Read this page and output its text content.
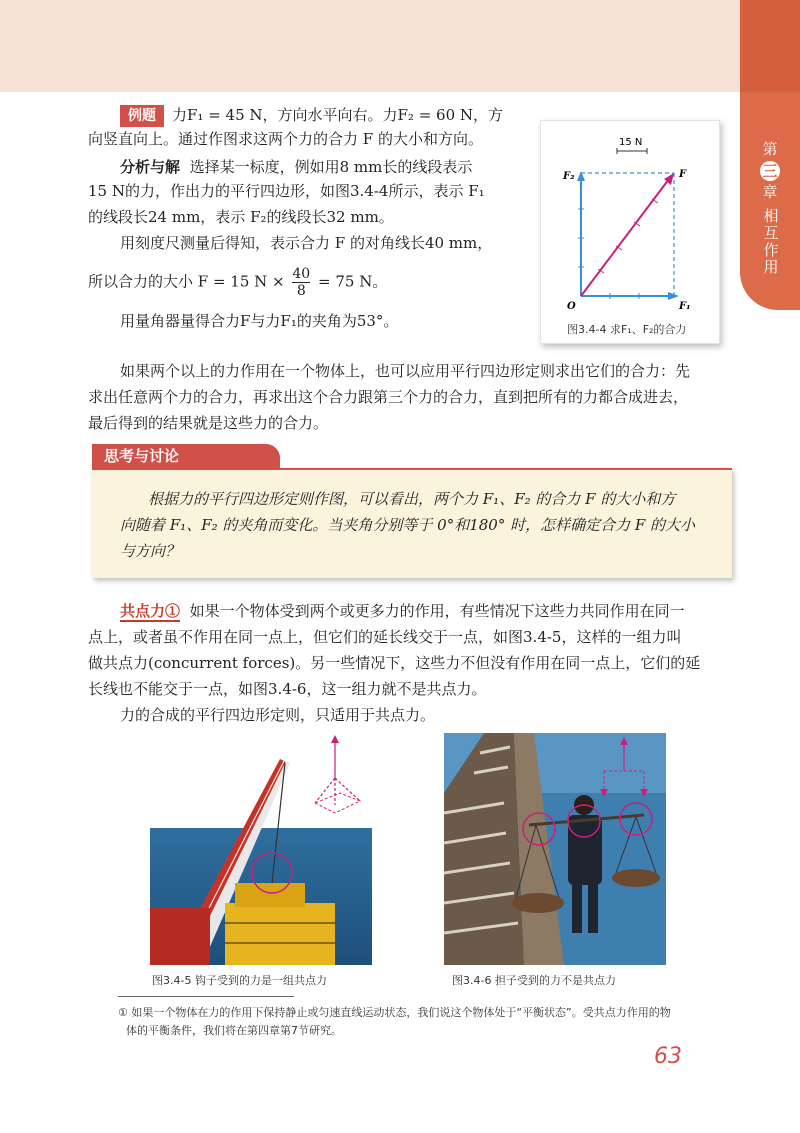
第
三
章
相互作用
例题 力F₁ = 45 N，方向水平向右。力F₂ = 60 N，方
向竖直向上。通过作图求这两个力的合力 F 的大小和方向。
分析与解 选择某一标度，例如用8 mm长的线段表示
15 N的力，作出力的平行四边形，如图3.4-4所示，表示 F₁
的线段长24 mm，表示 F₂的线段长32 mm。
用刻度尺测量后得知，表示合力 F 的对角线长40 mm，
所以合力的大小 F = 15 $N \times \frac{40}{8} = 75$ N。
用量角器量得合力F与力F₁的夹角为53°。
15 N
F₂	F
O	F₁
图3.4-4 求F₁、F₂的合力
如果两个以上的力作用在一个物体上，也可以应用平行四边形定则求出它们的合力：先
求出任意两个力的合力，再求出这个合力跟第三个力的合力，直到把所有的力都合成进去，
最后得到的结果就是这些力的合力。
思考与讨论
根据力的平行四边形定则作图，可以看出，两个力 F₁、F₂ 的合力 F 的大小和方
向随着 F₁、F₂ 的夹角而变化。当夹角分别等于 0°和180° 时，怎样确定合力 F 的大小
与方向？
共点力① 如果一个物体受到两个或更多力的作用，有些情况下这些力共同作用在同一
点上，或者虽不作用在同一点上，但它们的延长线交于一点，如图3.4-5，这样的一组力叫
做共点力(concurrent forces)。另一些情况下，这些力不但没有作用在同一点上，它们的延
长线也不能交于一点，如图3.4-6，这一组力就不是共点力。
力的合成的平行四边形定则，只适用于共点力。
图3.4-5 钩子受到的力是一组共点力	图3.4-6 担子受到的力不是共点力
① 如果一个物体在力的作用下保持静止或匀速直线运动状态，我们说这个物体处于“平衡状态”。受共点力作用的物
体的平衡条件，我们将在第四章第7节研究。
63
